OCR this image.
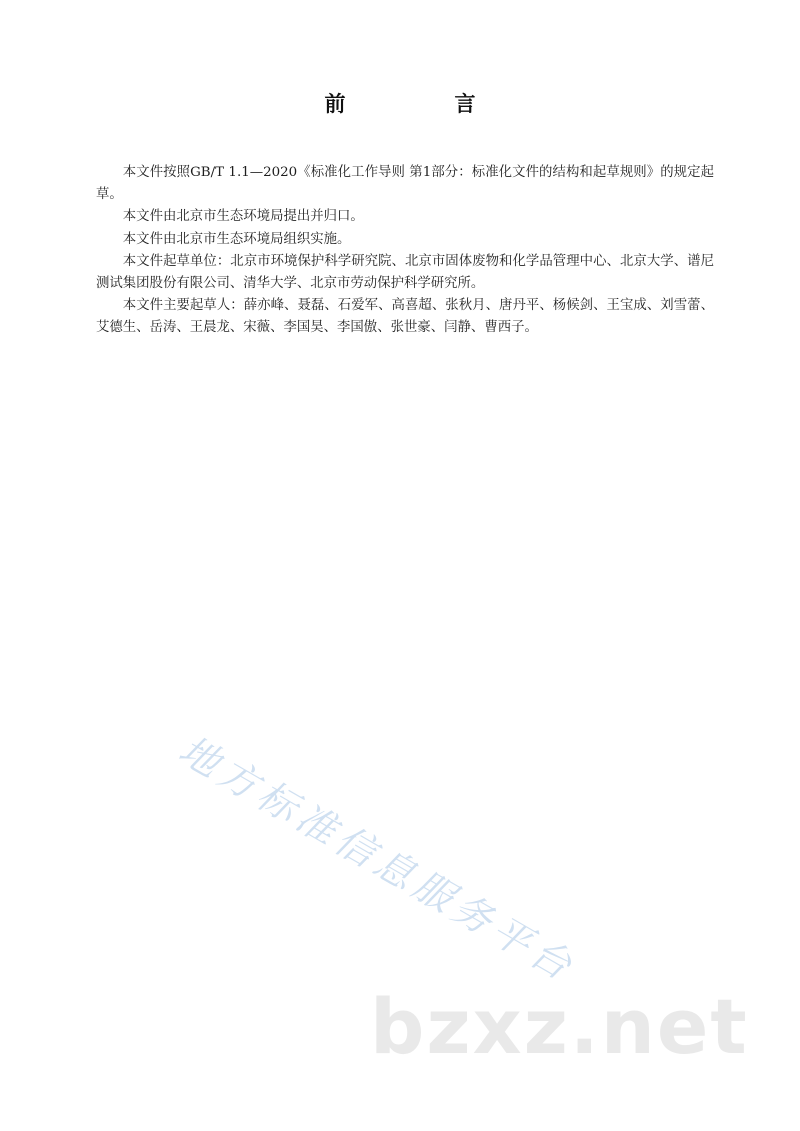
前　言

本文件按照GB/T 1.1—2020《标准化工作导则 第1部分：标准化文件的结构和起草规则》的规定起草。

本文件由北京市生态环境局提出并归口。

本文件由北京市生态环境局组织实施。

本文件起草单位：北京市环境保护科学研究院、北京市固体废物和化学品管理中心、北京大学、谱尼测试集团股份有限公司、清华大学、北京市劳动保护科学研究所。

本文件主要起草人：薛亦峰、聂磊、石爱军、高喜超、张秋月、唐丹平、杨候剑、王宝成、刘雪蕾、艾德生、岳涛、王晨龙、宋薇、李国昊、李国傲、张世豪、闫静、曹西子。

地方标准信息服务平台
bzxz.net
